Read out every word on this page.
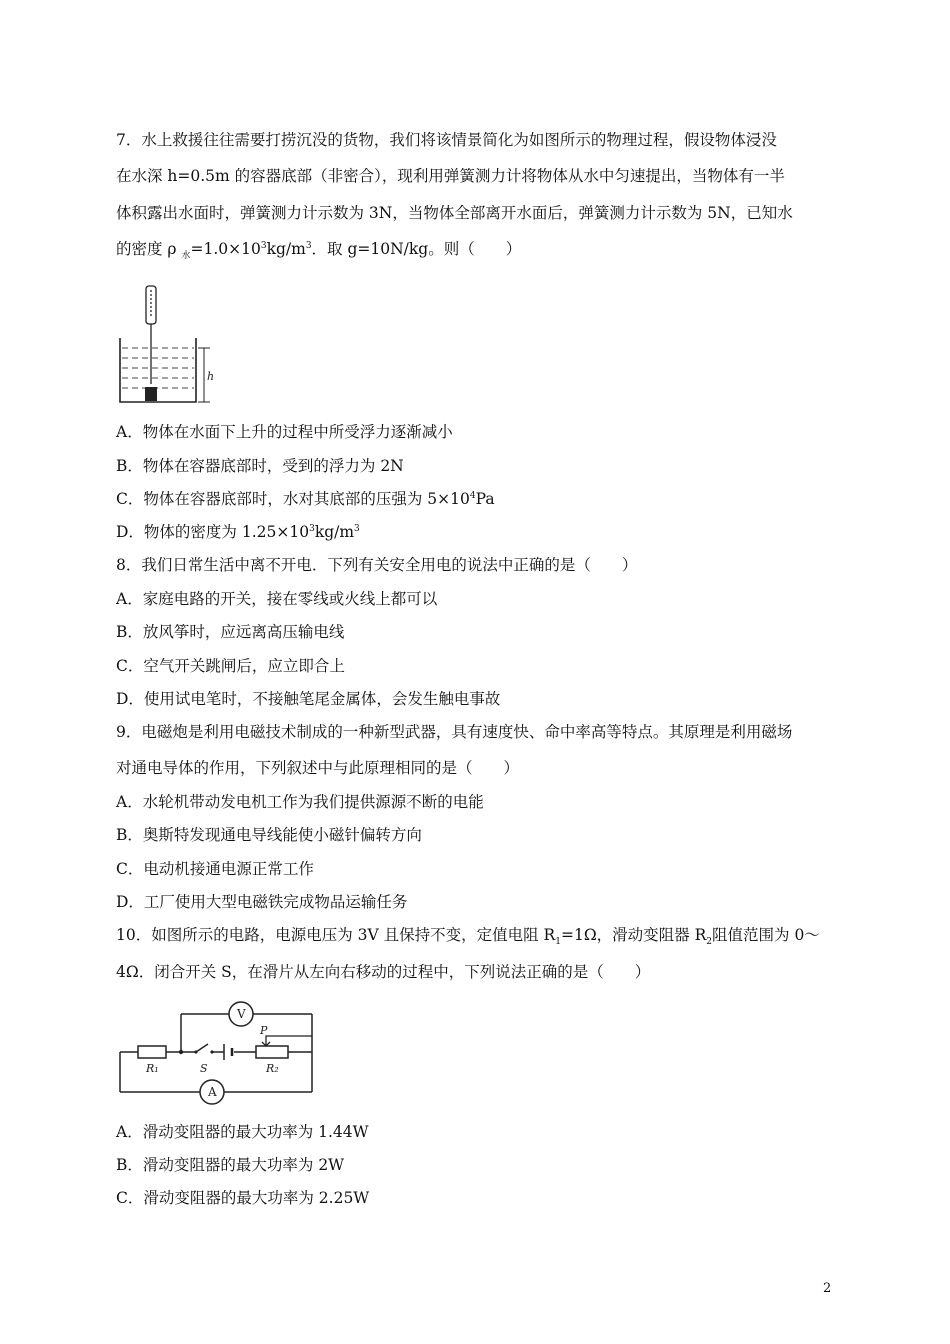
7．水上救援往往需要打捞沉没的货物，我们将该情景简化为如图所示的物理过程，假设物体浸没
在水深 h=0.5m 的容器底部（非密合），现利用弹簧测力计将物体从水中匀速提出，当物体有一半
体积露出水面时，弹簧测力计示数为 3N，当物体全部离开水面后，弹簧测力计示数为 5N，已知水
的密度 ρ $_水=1.0\times 10^3kg/m^3$．取 g=10N/kg。则（　　）
h
A．物体在水面下上升的过程中所受浮力逐渐减小
B．物体在容器底部时，受到的浮力为 2N
C．物体在容器底部时，水对其底部的压强为 $5\times 10^4Pa$
D．物体的密度为 $1.25\times 10^3kg/m^3$
8．我们日常生活中离不开电．下列有关安全用电的说法中正确的是（　　）
A．家庭电路的开关，接在零线或火线上都可以
B．放风筝时，应远离高压输电线
C．空气开关跳闸后，应立即合上
D．使用试电笔时，不接触笔尾金属体，会发生触电事故
9．电磁炮是利用电磁技术制成的一种新型武器，具有速度快、命中率高等特点。其原理是利用磁场
对通电导体的作用，下列叙述中与此原理相同的是（　　）
A．水轮机带动发电机工作为我们提供源源不断的电能
B．奥斯特发现通电导线能使小磁针偏转方向
C．电动机接通电源正常工作
D．工厂使用大型电磁铁完成物品运输任务
10．如图所示的电路，电源电压为 3V 且保持不变，定值电阻 $R_1=1\Omega$，滑动变阻器 $R_2$阻值范围为 0～
4Ω．闭合开关 S，在滑片从左向右移动的过程中，下列说法正确的是（　　）
V
A
P
R₁	S	R₂
A．滑动变阻器的最大功率为 1.44W
B．滑动变阻器的最大功率为 2W
C．滑动变阻器的最大功率为 2.25W
2
